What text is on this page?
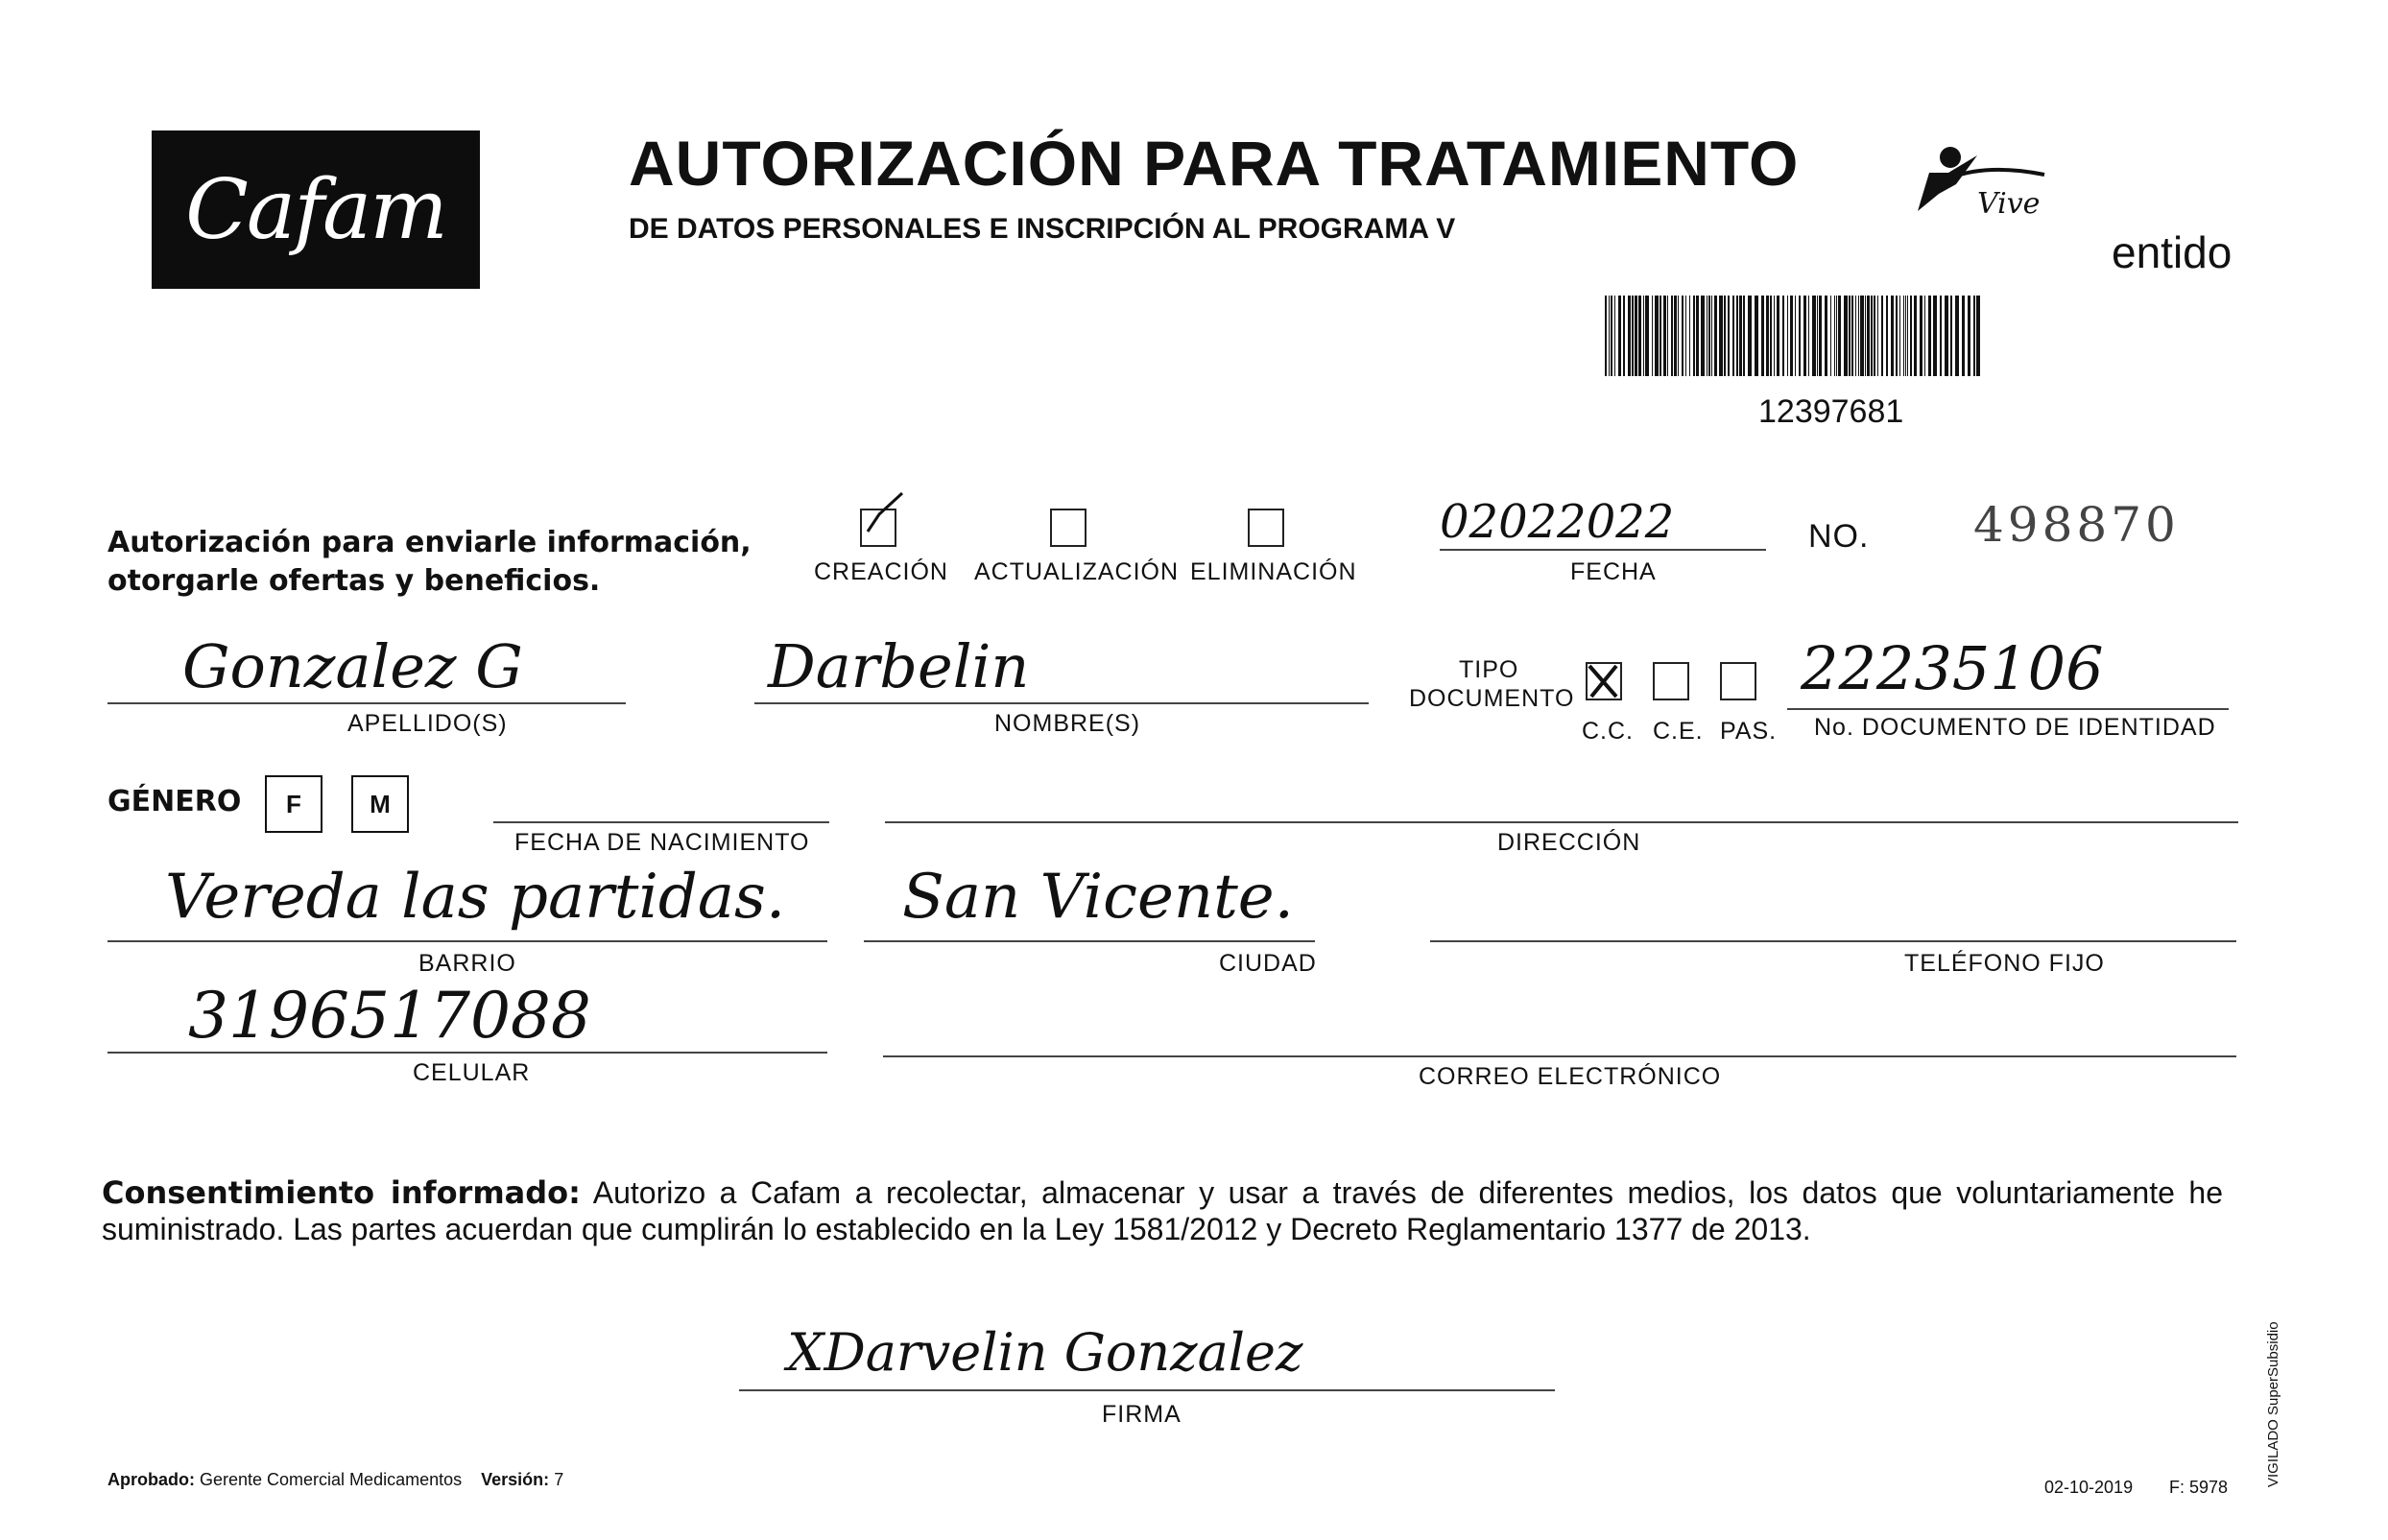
Cafam	AUTORIZACIÓN PARA TRATAMIENTO
DE DATOS PERSONALES E INSCRIPCIÓN AL PROGRAMA V
Vive
entido
12397681
Autorización para enviarle información,
otorgarle ofertas y beneficios.	CREACIÓN ACTUALIZACIÓN ELIMINACIÓN
02022022
FECHA
NO. 498870
Gonzalez G
APELLIDO(S)
Darbelin
NOMBRE(S)
TIPO
DOCUMENTO
C.C. C.E. PAS.
22235106
No. DOCUMENTO DE IDENTIDAD
GÉNERO	F	M
FECHA DE NACIMIENTO	DIRECCIÓN
Vereda las partidas.
BARRIO
San Vicente.
CIUDAD	TELÉFONO FIJO
3196517088
CELULAR	CORREO ELECTRÓNICO
Consentimiento informado: Autorizo a Cafam a recolectar, almacenar y usar a través de diferentes medios, los datos que voluntariamente he suministrado. Las partes acuerdan que cumplirán lo establecido en la Ley 1581/2012 y Decreto Reglamentario 1377 de 2013.
XDarvelin Gonzalez
FIRMA
Aprobado: Gerente Comercial Medicamentos Versión: 7	02-10-2019 F: 5978	VIGILADO SuperSubsidio
